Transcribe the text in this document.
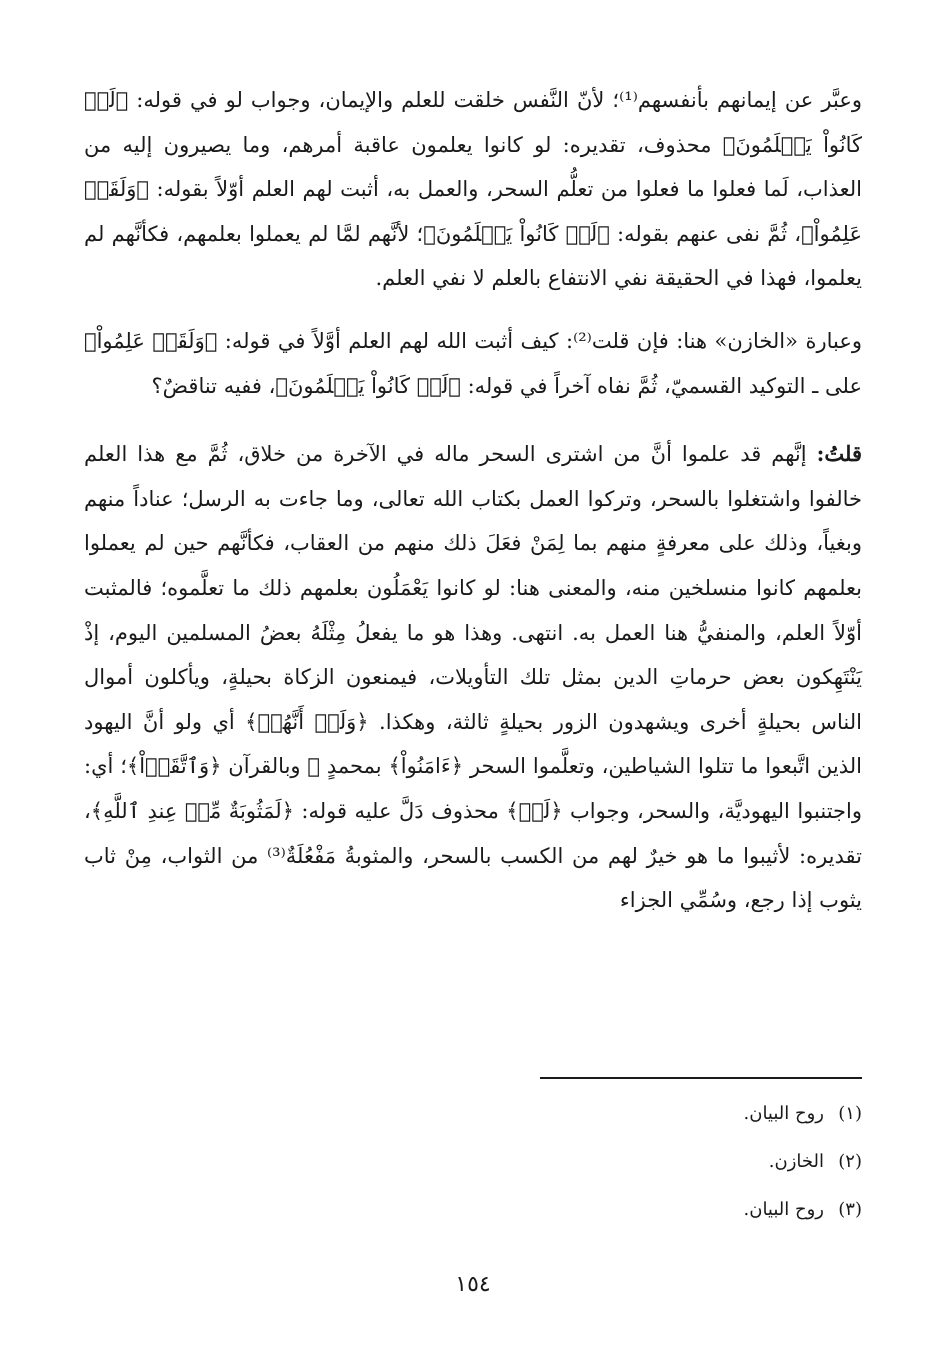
وعبَّر عن إيمانهم بأنفسهم⁽¹⁾؛ لأنّ النَّفس خلقت للعلم والإيمان، وجواب لو في قوله: ﴿لَوۡ كَانُواْ يَعۡلَمُونَ﴾ محذوف، تقديره: لو كانوا يعلمون عاقبة أمرهم، وما يصيرون إليه من العذاب، لَما فعلوا ما فعلوا من تعلُّم السحر، والعمل به، أثبت لهم العلم أوّلاً بقوله: ﴿وَلَقَدۡ عَلِمُواْ﴾، ثُمَّ نفى عنهم بقوله: ﴿لَوۡ كَانُواْ يَعۡلَمُونَ﴾؛ لأنَّهم لمَّا لم يعملوا بعلمهم، فكأنَّهم لم يعلموا، فهذا في الحقيقة نفي الانتفاع بالعلم لا نفي العلم.

وعبارة «الخازن» هنا: فإن قلت⁽²⁾: كيف أثبت الله لهم العلم أوَّلاً في قوله: ﴿وَلَقَدۡ عَلِمُواْ﴾ على ـ التوكيد القسميّ، ثُمَّ نفاه آخراً في قوله: ﴿لَوۡ كَانُواْ يَعۡلَمُونَ﴾، ففيه تناقضٌ؟

قلتُ: إنَّهم قد علموا أنَّ من اشترى السحر ماله في الآخرة من خلاق، ثُمَّ مع هذا العلم خالفوا واشتغلوا بالسحر، وتركوا العمل بكتاب الله تعالى، وما جاءت به الرسل؛ عناداً منهم وبغياً، وذلك على معرفةٍ منهم بما لِمَنْ فعَلَ ذلك منهم من العقاب، فكأنَّهم حين لم يعملوا بعلمهم كانوا منسلخين منه، والمعنى هنا: لو كانوا يَعْمَلُون بعلمهم ذلك ما تعلَّموه؛ فالمثبت أوّلاً العلم، والمنفيُّ هنا العمل به. انتهى. وهذا هو ما يفعلُ مِثْلَهُ بعضُ المسلمين اليوم، إذْ يَنْتَهِكون بعض حرماتِ الدين بمثل تلك التأويلات، فيمنعون الزكاة بحيلةٍ، ويأكلون أموال الناس بحيلةٍ أخرى ويشهدون الزور بحيلةٍ ثالثة، وهكذا. ﴿وَلَوۡ أَنَّهُمۡ﴾ أي ولو أنَّ اليهود الذين اتَّبعوا ما تتلوا الشياطين، وتعلَّموا السحر ﴿ءَامَنُواْ﴾ بمحمدٍ ﷺ وبالقرآن ﴿وَٱتَّقَوۡاْ﴾؛ أي: واجتنبوا اليهوديَّة، والسحر، وجواب ﴿لَوۡ﴾ محذوف دَلَّ عليه قوله: ﴿لَمَثُوبَةٌ مِّنۡ عِندِ ٱللَّهِ﴾، تقديره: لأثيبوا ما هو خيرٌ لهم من الكسب بالسحر، والمثوبةُ مَفْعُلَةٌ⁽³⁾ من الثواب، مِنْ ثاب يثوب إذا رجع، وسُمِّي الجزاء

(١)روح البيان.
(٢)الخازن.
(٣)روح البيان.
١٥٤
